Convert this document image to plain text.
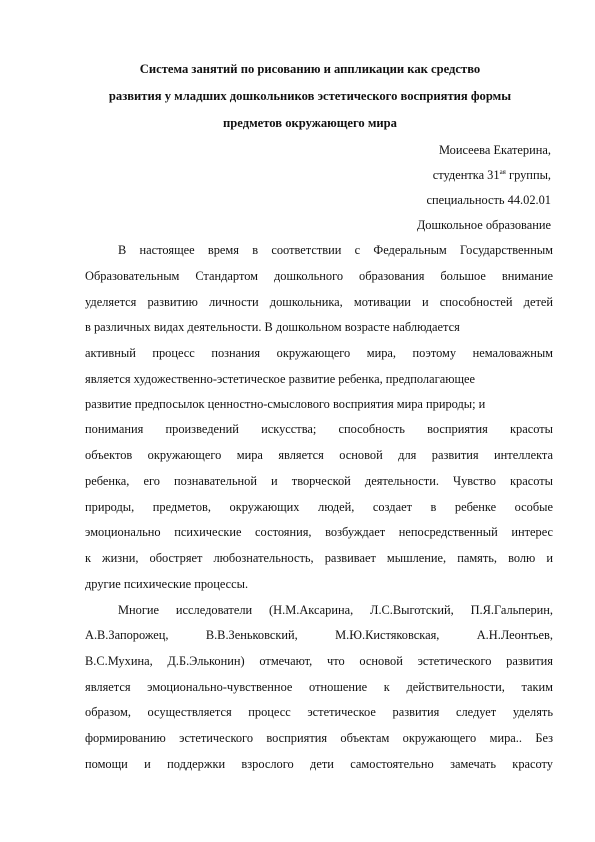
Система занятий по рисованию и аппликации как средство
развития у младших дошкольников эстетического восприятия формы
предметов окружающего мира
Моисеева Екатерина,
студентка $31^{ая}$ группы,
специальность 44.02.01
Дошкольное образование
В настоящее время в соответствии с Федеральным Государственным
Образовательным Стандартом дошкольного образования большое внимание
уделяется развитию личности дошкольника, мотивации и способностей детей
в различных видах деятельности. В дошкольном возрасте наблюдается
активный процесс познания окружающего мира, поэтому немаловажным
является художественно-эстетическое развитие ребенка, предполагающее
развитие предпосылок ценностно-смыслового восприятия мира природы; и
понимания произведений искусства; способность восприятия красоты
объектов окружающего мира является основой для развития интеллекта
ребенка, его познавательной и творческой деятельности. Чувство красоты
природы, предметов, окружающих людей, создает в ребенке особые
эмоционально психические состояния, возбуждает непосредственный интерес
к жизни, обостряет любознательность, развивает мышление, память, волю и
другие психические процессы.
Многие исследователи (Н.М.Аксарина, Л.С.Выготский, П.Я.Гальперин,
А.В.Запорожец, В.В.Зеньковский, М.Ю.Кистяковская, А.Н.Леонтьев,
В.С.Мухина, Д.Б.Эльконин) отмечают, что основой эстетического развития
является эмоционально-чувственное отношение к действительности, таким
образом, осуществляется процесс эстетическое развития следует уделять
формированию эстетического восприятия объектам окружающего мира.. Без
помощи и поддержки взрослого дети самостоятельно замечать красоту
